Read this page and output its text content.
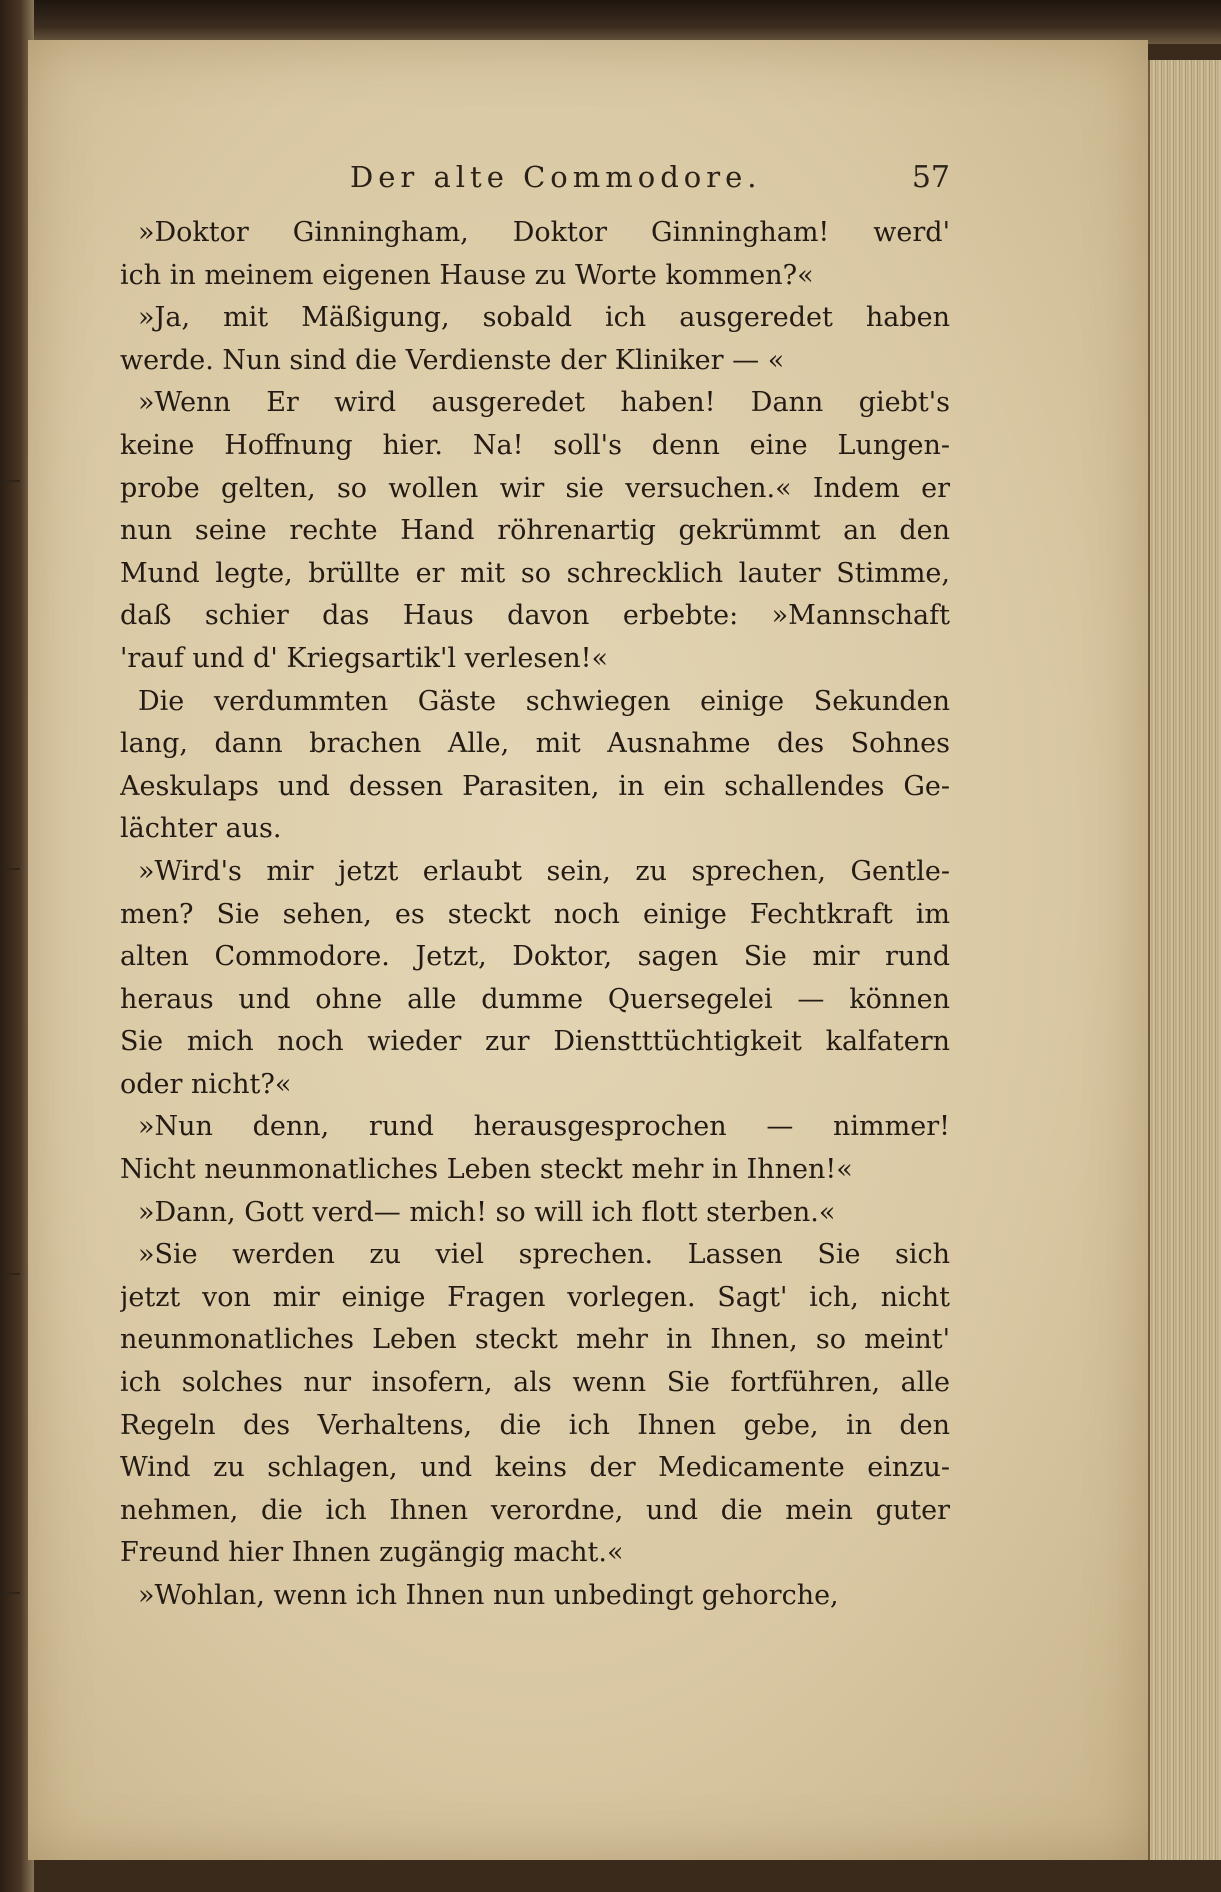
Der alte Commodore.	57
»Doktor Ginningham, Doktor Ginningham! werd'
ich in meinem eigenen Hause zu Worte kommen?«
»Ja, mit Mäßigung, sobald ich ausgeredet haben
werde. Nun sind die Verdienste der Kliniker — «
»Wenn Er wird ausgeredet haben! Dann giebt's
keine Hoffnung hier. Na! soll's denn eine Lungen-
probe gelten, so wollen wir sie versuchen.« Indem er
nun seine rechte Hand röhrenartig gekrümmt an den
Mund legte, brüllte er mit so schrecklich lauter Stimme,
daß schier das Haus davon erbebte: »Mannschaft
'rauf und d' Kriegsartik'l verlesen!«
Die verdummten Gäste schwiegen einige Sekunden
lang, dann brachen Alle, mit Ausnahme des Sohnes
Aeskulaps und dessen Parasiten, in ein schallendes Ge-
lächter aus.
»Wird's mir jetzt erlaubt sein, zu sprechen, Gentle-
men? Sie sehen, es steckt noch einige Fechtkraft im
alten Commodore. Jetzt, Doktor, sagen Sie mir rund
heraus und ohne alle dumme Quersegelei — können
Sie mich noch wieder zur Dienstttüchtigkeit kalfatern
oder nicht?«
»Nun denn, rund herausgesprochen — nimmer!
Nicht neunmonatliches Leben steckt mehr in Ihnen!«
»Dann, Gott verd— mich! so will ich flott sterben.«
»Sie werden zu viel sprechen. Lassen Sie sich
jetzt von mir einige Fragen vorlegen. Sagt' ich, nicht
neunmonatliches Leben steckt mehr in Ihnen, so meint'
ich solches nur insofern, als wenn Sie fortführen, alle
Regeln des Verhaltens, die ich Ihnen gebe, in den
Wind zu schlagen, und keins der Medicamente einzu-
nehmen, die ich Ihnen verordne, und die mein guter
Freund hier Ihnen zugängig macht.«
»Wohlan, wenn ich Ihnen nun unbedingt gehorche,
